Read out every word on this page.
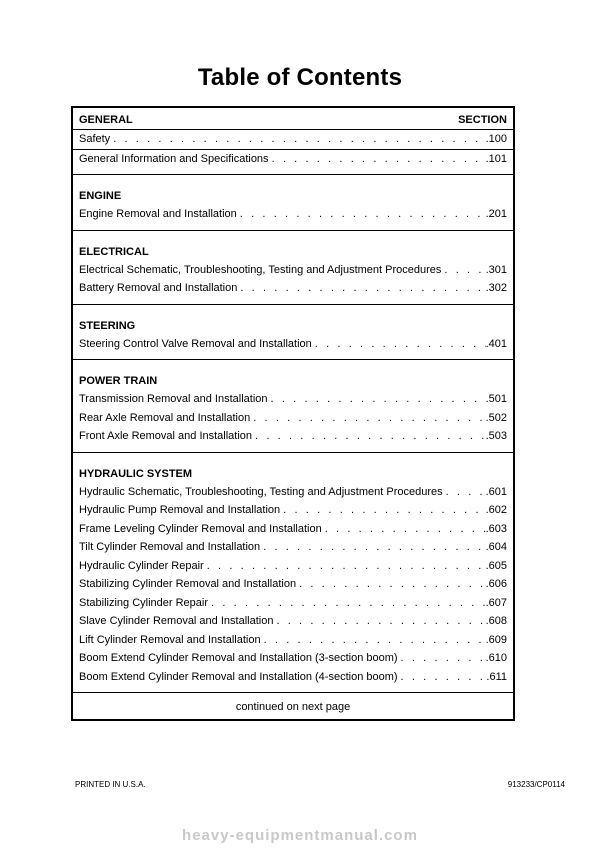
Table of Contents
GENERAL	SECTION
Safety . . .	.100
General Information and Specifications . . .	.101
ENGINE
Engine Removal and Installation . . .	.201
ELECTRICAL
Electrical Schematic, Troubleshooting, Testing and Adjustment Procedures . . .	.301
Battery Removal and Installation . . .	.302
STEERING
Steering Control Valve Removal and Installation . . .	.401
POWER TRAIN
Transmission Removal and Installation . . .	.501
Rear Axle Removal and Installation . . .	.502
Front Axle Removal and Installation . . .	.503
HYDRAULIC SYSTEM
Hydraulic Schematic, Troubleshooting, Testing and Adjustment Procedures . . .	.601
Hydraulic Pump Removal and Installation . . .	.602
Frame Leveling Cylinder Removal and Installation . . .	.603
Tilt Cylinder Removal and Installation . . .	.604
Hydraulic Cylinder Repair . . .	.605
Stabilizing Cylinder Removal and Installation . . .	.606
Stabilizing Cylinder Repair . . .	.607
Slave Cylinder Removal and Installation . . .	.608
Lift Cylinder Removal and Installation . . .	.609
Boom Extend Cylinder Removal and Installation (3-section boom) . . .	.610
Boom Extend Cylinder Removal and Installation (4-section boom) . . .	.611
continued on next page
PRINTED IN U.S.A.	913233/CP0114
heavy-equipmentmanual.com
